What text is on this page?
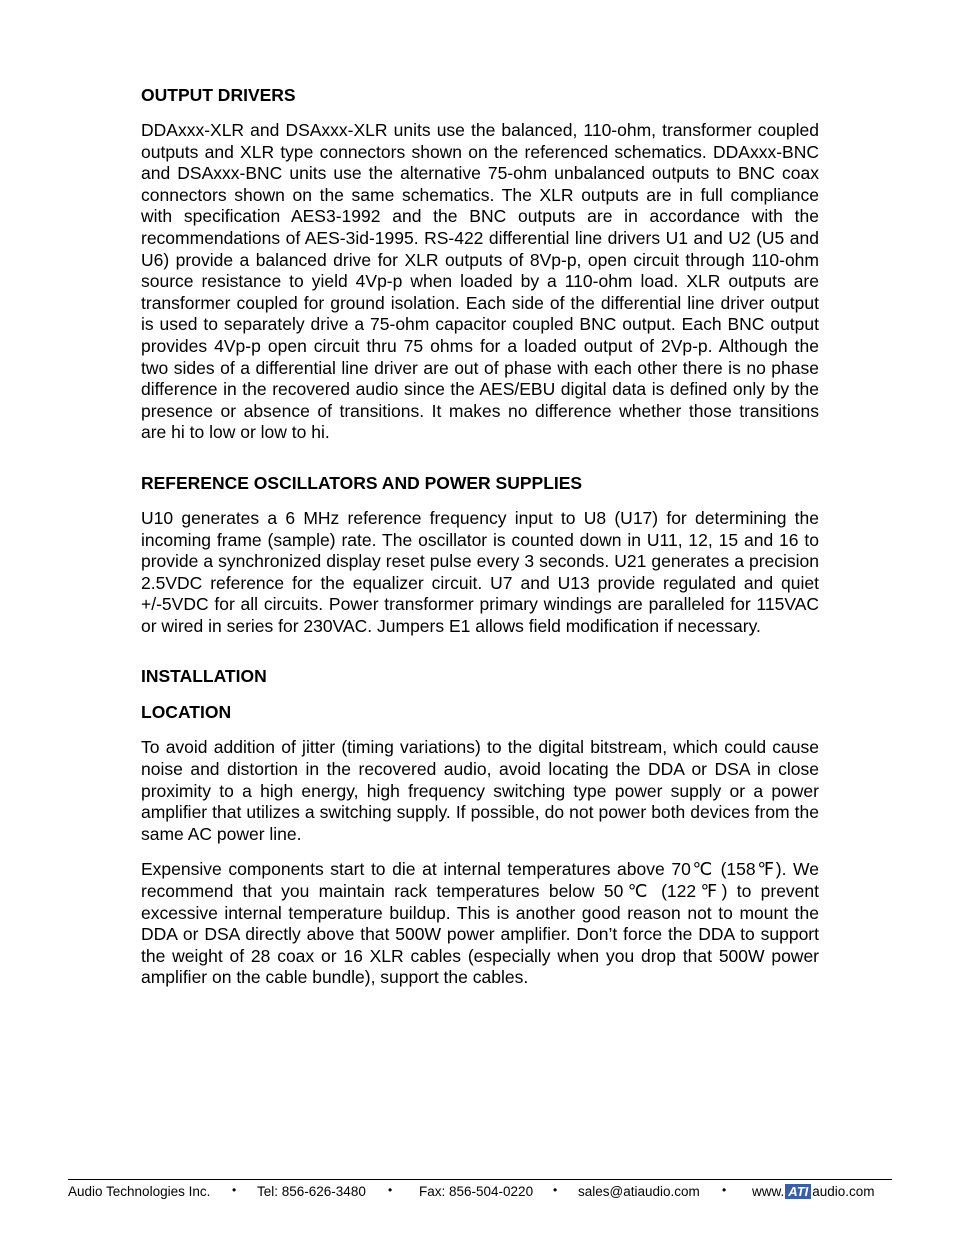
OUTPUT DRIVERS

DDAxxx-XLR and DSAxxx-XLR units use the balanced, 110-ohm, transformer coupled outputs and XLR type connectors shown on the referenced schematics. DDAxxx-BNC and DSAxxx-BNC units use the alternative 75-ohm unbalanced outputs to BNC coax connectors shown on the same schematics. The XLR outputs are in full compliance with specification AES3-1992 and the BNC outputs are in accordance with the recommendations of AES-3id-1995. RS-422 differential line drivers U1 and U2 (U5 and U6) provide a balanced drive for XLR outputs of 8Vp-p, open circuit through 110-ohm source resistance to yield 4Vp-p when loaded by a 110-ohm load. XLR outputs are transformer coupled for ground isolation. Each side of the differential line driver output is used to separately drive a 75-ohm capacitor coupled BNC output. Each BNC output provides 4Vp-p open circuit thru 75 ohms for a loaded output of 2Vp-p. Although the two sides of a differential line driver are out of phase with each other there is no phase difference in the recovered audio since the AES/EBU digital data is defined only by the presence or absence of transitions. It makes no difference whether those transitions are hi to low or low to hi.

REFERENCE OSCILLATORS AND POWER SUPPLIES

U10 generates a 6 MHz reference frequency input to U8 (U17) for determining the incoming frame (sample) rate. The oscillator is counted down in U11, 12, 15 and 16 to provide a synchronized display reset pulse every 3 seconds. U21 generates a precision 2.5VDC reference for the equalizer circuit. U7 and U13 provide regulated and quiet +/-5VDC for all circuits. Power transformer primary windings are paralleled for 115VAC or wired in series for 230VAC. Jumpers E1 allows field modification if necessary.

INSTALLATION
LOCATION

To avoid addition of jitter (timing variations) to the digital bitstream, which could cause noise and distortion in the recovered audio, avoid locating the DDA or DSA in close proximity to a high energy, high frequency switching type power supply or a power amplifier that utilizes a switching supply. If possible, do not power both devices from the same AC power line.

Expensive components start to die at internal temperatures above 70℃ (158℉). We recommend that you maintain rack temperatures below 50℃ (122℉) to prevent excessive internal temperature buildup. This is another good reason not to mount the DDA or DSA directly above that 500W power amplifier. Don’t force the DDA to support the weight of 28 coax or 16 XLR cables (especially when you drop that 500W power amplifier on the cable bundle), support the cables.

Audio Technologies Inc. • Tel: 856-626-3480 • Fax: 856-504-0220 • sales@atiaudio.com • www. ATI audio.com
